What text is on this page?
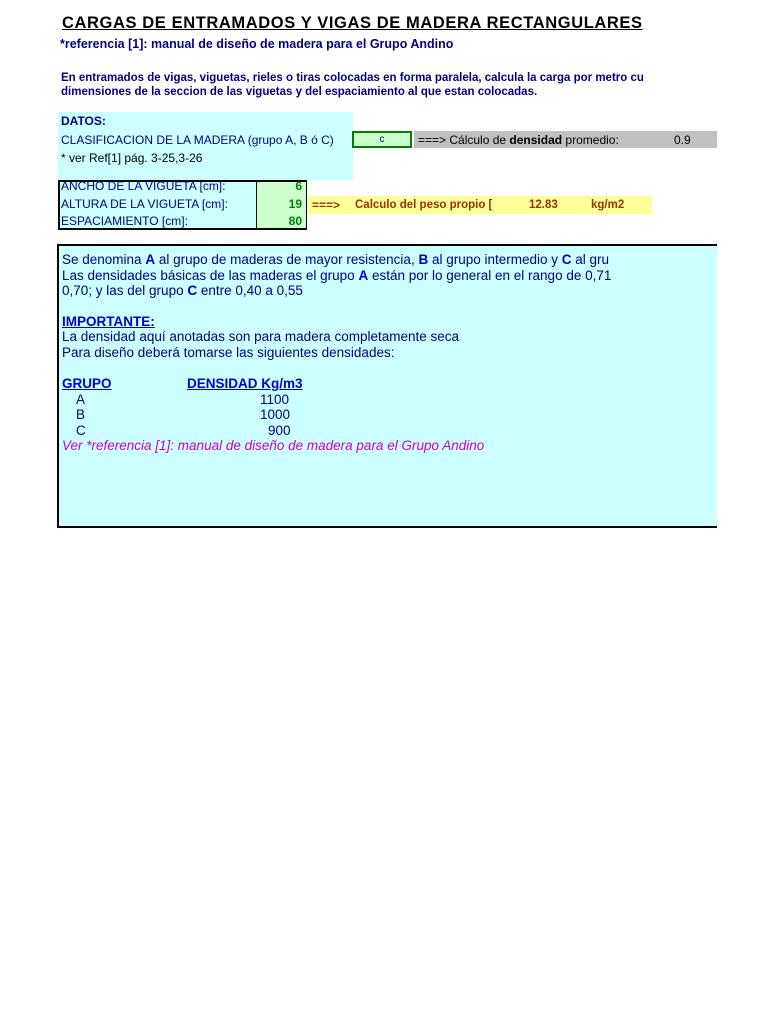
CARGAS DE ENTRAMADOS Y VIGAS DE MADERA RECTANGULARES
*referencia [1]: manual de diseño de madera para el Grupo Andino
En entramados de vigas, viguetas, rieles o tiras colocadas en forma paralela, calcula la carga por metro cu
dimensiones de la seccion de las viguetas y del espaciamiento al que estan colocadas.
DATOS:
CLASIFICACION DE LA MADERA (grupo A, B ó C)	c	===> Cálculo de densidad promedio:	0.9
* ver Ref[1] pág. 3-25,3-26
ANCHO DE LA VIGUETA [cm]:	6
ALTURA DE LA VIGUETA [cm]:	19
ESPACIAMIENTO [cm]:	80
===> Calculo del peso propio [	12.83	kg/m2
Se denomina A al grupo de maderas de mayor resistencia, B al grupo intermedio y C al gru
Las densidades básicas de las maderas el grupo A están por lo general en el rango de 0,71
0,70; y las del grupo C entre 0,40 a 0,55
IMPORTANTE:
La densidad aquí anotadas son para madera completamente seca
Para diseño deberá tomarse las siguientes densidades:
GRUPO	DENSIDAD Kg/m3
A	1100
B	1000
C	900
Ver *referencia [1]: manual de diseño de madera para el Grupo Andino
